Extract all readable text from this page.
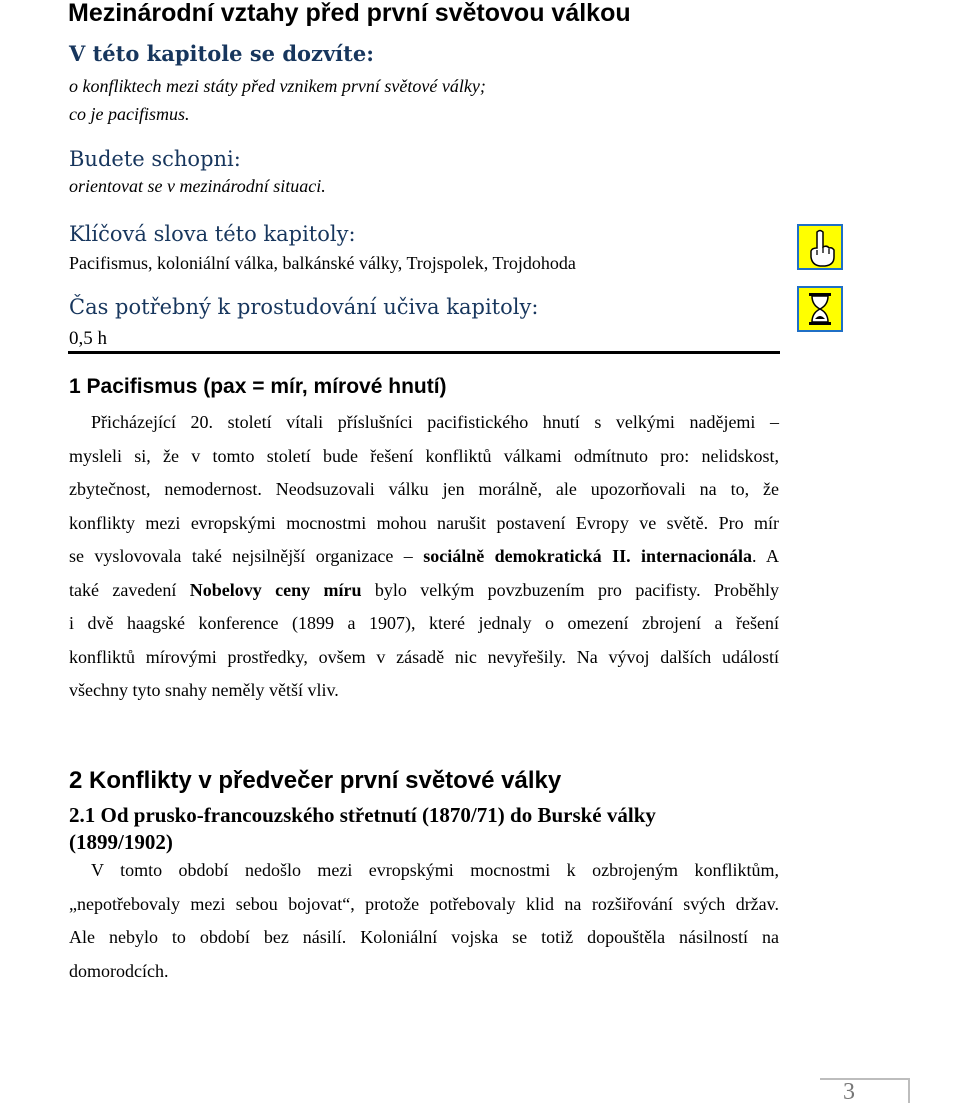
Mezinárodní vztahy před první světovou válkou
V této kapitole se dozvíte:
o konfliktech mezi státy před vznikem první světové války;
co je pacifismus.
Budete schopni:
orientovat se v mezinárodní situaci.
Klíčová slova této kapitoly:
Pacifismus, koloniální válka, balkánské války, Trojspolek, Trojdohoda
Čas potřebný k prostudování učiva kapitoly:
0,5 h
1 Pacifismus (pax = mír, mírové hnutí)
Přicházející 20. století vítali příslušníci pacifistického hnutí s velkými nadějemi –
mysleli si, že v tomto století bude řešení konfliktů válkami odmítnuto pro: nelidskost,
zbytečnost, nemodernost. Neodsuzovali válku jen morálně, ale upozorňovali na to, že
konflikty mezi evropskými mocnostmi mohou narušit postavení Evropy ve světě. Pro mír
se vyslovovala také nejsilnější organizace – sociálně demokratická II. internacionála. A
také zavedení Nobelovy ceny míru bylo velkým povzbuzením pro pacifisty. Proběhly
i dvě haagské konference (1899 a 1907), které jednaly o omezení zbrojení a řešení
konfliktů mírovými prostředky, ovšem v zásadě nic nevyřešily. Na vývoj dalších událostí
všechny tyto snahy neměly větší vliv.
2 Konflikty v předvečer první světové války
2.1 Od prusko-francouzského střetnutí (1870/71) do Burské války
(1899/1902)
V tomto období nedošlo mezi evropskými mocnostmi k ozbrojeným konfliktům,
„nepotřebovaly mezi sebou bojovat“, protože potřebovaly klid na rozšiřování svých držav.
Ale nebylo to období bez násilí. Koloniální vojska se totiž dopouštěla násilností na
domorodcích.
3
